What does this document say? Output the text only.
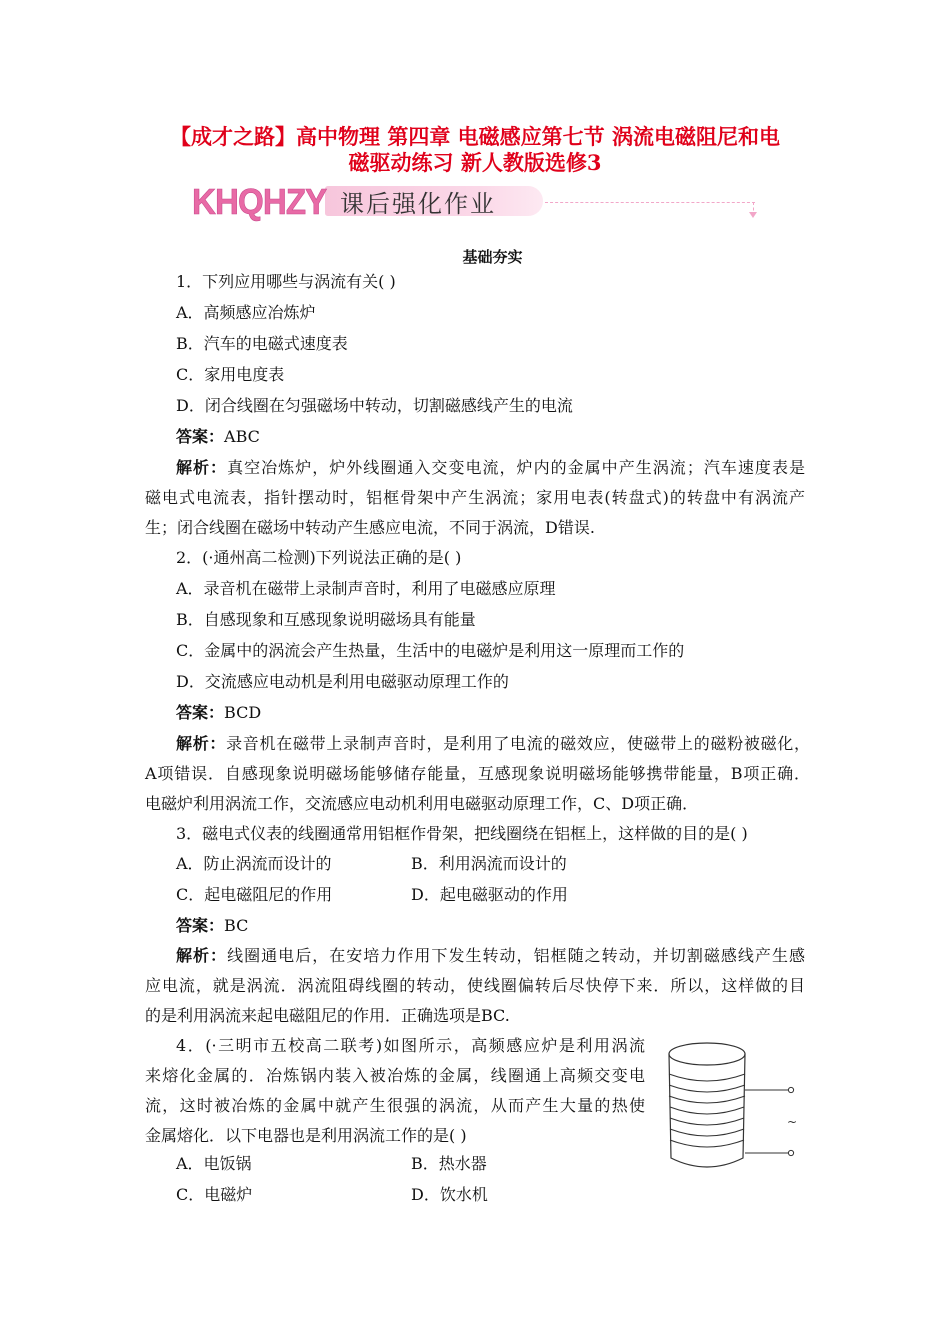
【成才之路】高中物理 第四章 电磁感应第七节 涡流电磁阻尼和电
磁驱动练习 新人教版选修3
KHQHZY 课后强化作业
基础夯实
1．下列应用哪些与涡流有关( )
A．高频感应冶炼炉
B．汽车的电磁式速度表
C．家用电度表
D．闭合线圈在匀强磁场中转动，切割磁感线产生的电流
答案：ABC
解析：真空冶炼炉，炉外线圈通入交变电流，炉内的金属中产生涡流；汽车速度表是
磁电式电流表，指针摆动时，铝框骨架中产生涡流；家用电表(转盘式)的转盘中有涡流产
生；闭合线圈在磁场中转动产生感应电流，不同于涡流，D错误.
2．(·通州高二检测)下列说法正确的是( )
A．录音机在磁带上录制声音时，利用了电磁感应原理
B．自感现象和互感现象说明磁场具有能量
C．金属中的涡流会产生热量，生活中的电磁炉是利用这一原理而工作的
D．交流感应电动机是利用电磁驱动原理工作的
答案：BCD
解析：录音机在磁带上录制声音时，是利用了电流的磁效应，使磁带上的磁粉被磁化，
A项错误．自感现象说明磁场能够储存能量，互感现象说明磁场能够携带能量，B项正确．
电磁炉利用涡流工作，交流感应电动机利用电磁驱动原理工作，C、D项正确．
3．磁电式仪表的线圈通常用铝框作骨架，把线圈绕在铝框上，这样做的目的是( )
A．防止涡流而设计的	B．利用涡流而设计的
C．起电磁阻尼的作用	D．起电磁驱动的作用
答案：BC
解析：线圈通电后，在安培力作用下发生转动，铝框随之转动，并切割磁感线产生感
应电流，就是涡流．涡流阻碍线圈的转动，使线圈偏转后尽快停下来．所以，这样做的目
的是利用涡流来起电磁阻尼的作用．正确选项是BC.
4．(·三明市五校高二联考)如图所示，高频感应炉是利用涡流
来熔化金属的．冶炼锅内装入被冶炼的金属，线圈通上高频交变电
流，这时被冶炼的金属中就产生很强的涡流，从而产生大量的热使
金属熔化．以下电器也是利用涡流工作的是( )
A．电饭锅	B．热水器
C．电磁炉	D．饮水机
~
